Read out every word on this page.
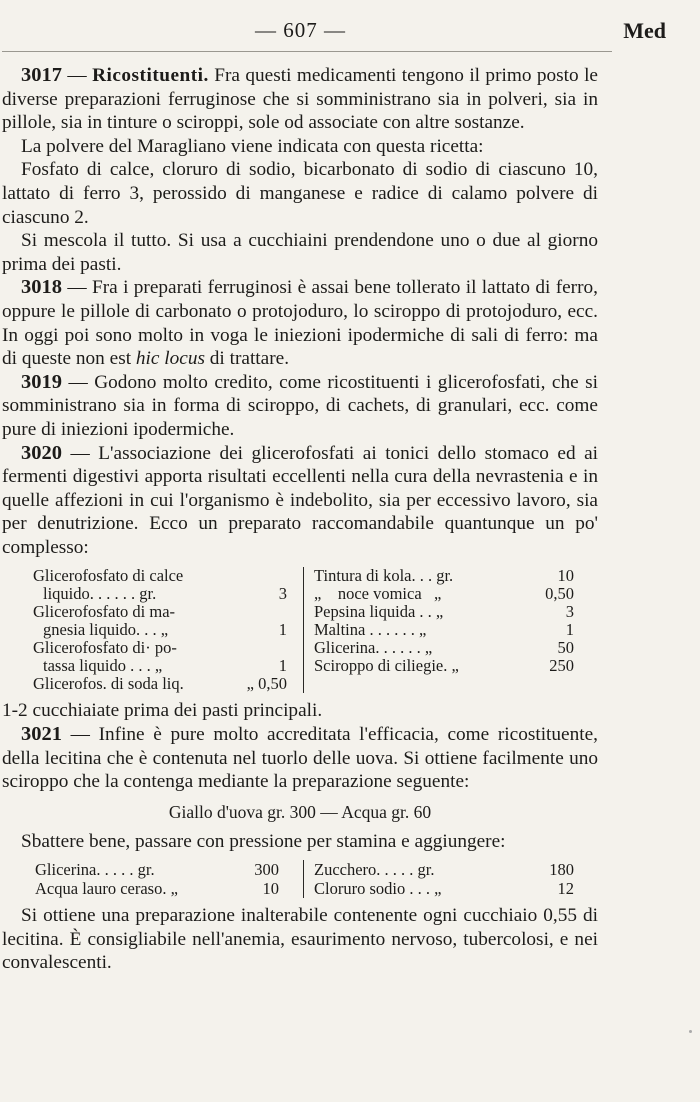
— 607 —	Med

3017 — Ricostituenti. Fra questi medicamenti tengono il primo posto le diverse preparazioni ferruginose che si somministrano sia in polveri, sia in pillole, sia in tinture o sciroppi, sole od associate con altre sostanze.

La polvere del Maragliano viene indicata con questa ricetta:

Fosfato di calce, cloruro di sodio, bicarbonato di sodio di ciascuno 10, lattato di ferro 3, perossido di manganese e radice di calamo polvere di ciascuno 2.

Si mescola il tutto. Si usa a cucchiaini prendendone uno o due al giorno prima dei pasti.

3018 — Fra i preparati ferruginosi è assai bene tollerato il lattato di ferro, oppure le pillole di carbonato o protojoduro, lo sciroppo di protojoduro, ecc. In oggi poi sono molto in voga le iniezioni ipodermiche di sali di ferro: ma di queste non est hic locus di trattare.

3019 — Godono molto credito, come ricostituenti i glicerofosfati, che si somministrano sia in forma di sciroppo, di cachets, di granulari, ecc. come pure di iniezioni ipodermiche.

3020 — L'associazione dei glicerofosfati ai tonici dello stomaco ed ai fermenti digestivi apporta risultati eccellenti nella cura della nevrastenia e in quelle affezioni in cui l'organismo è indebolito, sia per eccessivo lavoro, sia per denutrizione. Ecco un preparato raccomandabile quantunque un po' complesso:

Glicerofosfato di calce
liquido. . . . . . gr.	3
Glicerofosfato di ma-
gnesia liquido. . . „	1
Glicerofosfato di· po-
tassa liquido . . . „	1
Glicerofos. di soda liq.	„ 0,50
Tintura di kola. . . gr.	10
„    noce vomica   „	0,50
Pepsina liquida . . „	3
Maltina . . . . . . „	1
Glicerina. . . . . . „	50
Sciroppo di ciliegie. „	250

1-2 cucchiaiate prima dei pasti principali.

3021 — Infine è pure molto accreditata l'efficacia, come ricostituente, della lecitina che è contenuta nel tuorlo delle uova. Si ottiene facilmente uno sciroppo che la contenga mediante la preparazione seguente:

Giallo d'uova gr. 300 — Acqua gr. 60

Sbattere bene, passare con pressione per stamina e aggiungere:

Glicerina. . . . . gr.	300
Acqua lauro ceraso. „	10
Zucchero. . . . . gr.	180
Cloruro sodio . . . „	12

Si ottiene una preparazione inalterabile contenente ogni cucchiaio 0,55 di lecitina. È consigliabile nell'anemia, esaurimento nervoso, tubercolosi, e nei convalescenti.
